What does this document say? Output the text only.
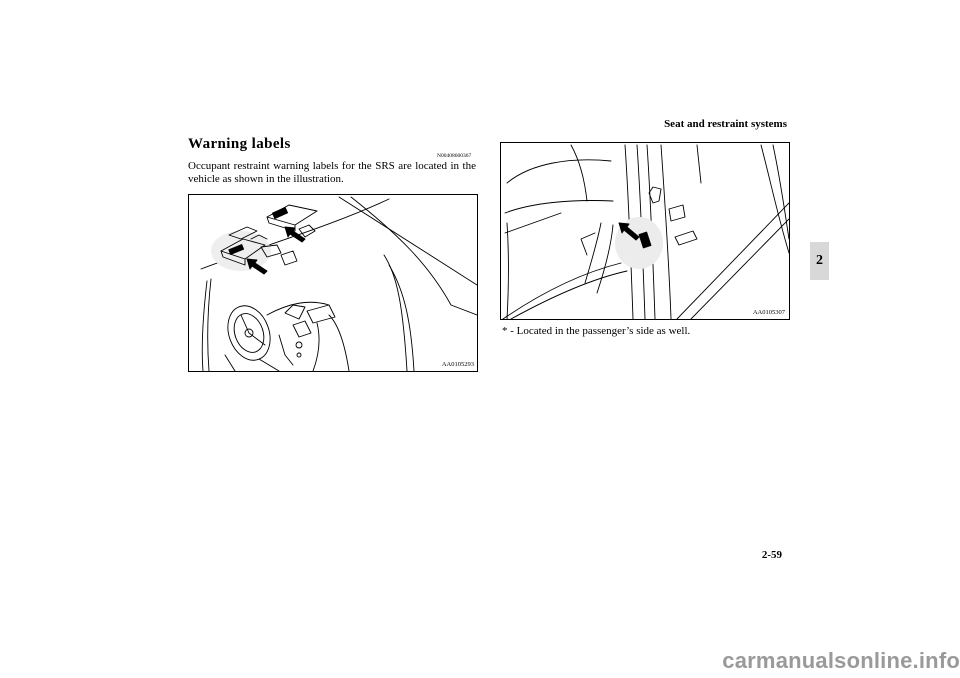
Seat and restraint systems
2
Warning labels
N00408600367
Occupant restraint warning labels for the SRS are located in the vehicle as shown in the illustration.
AA0105293
AA0105307
* - Located in the passenger’s side as well.
2-59
carmanualsonline.info
